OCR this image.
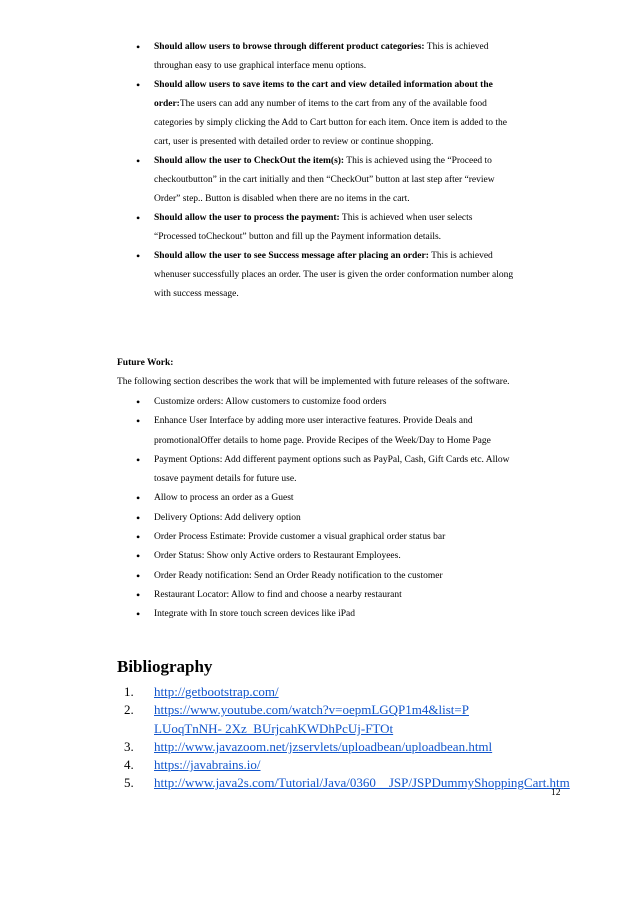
• Should allow users to browse through different product categories: This is achieved throughan easy to use graphical interface menu options.
• Should allow users to save items to the cart and view detailed information about the order:The users can add any number of items to the cart from any of the available food categories by simply clicking the Add to Cart button for each item. Once item is added to the cart, user is presented with detailed order to review or continue shopping.
• Should allow the user to CheckOut the item(s): This is achieved using the “Proceed to checkoutbutton” in the cart initially and then “CheckOut” button at last step after “review Order” step.. Button is disabled when there are no items in the cart.
• Should allow the user to process the payment: This is achieved when user selects “Processed toCheckout” button and fill up the Payment information details.
• Should allow the user to see Success message after placing an order: This is achieved whenuser successfully places an order. The user is given the order conformation number along with success message.
Future Work:
The following section describes the work that will be implemented with future releases of the software.
• Customize orders: Allow customers to customize food orders
• Enhance User Interface by adding more user interactive features. Provide Deals and promotionalOffer details to home page. Provide Recipes of the Week/Day to Home Page
• Payment Options: Add different payment options such as PayPal, Cash, Gift Cards etc. Allow tosave payment details for future use.
• Allow to process an order as a Guest
• Delivery Options: Add delivery option
• Order Process Estimate: Provide customer a visual graphical order status bar
• Order Status: Show only Active orders to Restaurant Employees.
• Order Ready notification: Send an Order Ready notification to the customer
• Restaurant Locator: Allow to find and choose a nearby restaurant
• Integrate with In store touch screen devices like iPad
Bibliography
1. http://getbootstrap.com/
2. https://www.youtube.com/watch?v=oepmLGQP1m4&list=P
LUoqTnNH- 2Xz_BUrjcahKWDhPcUj-FTOt
3. http://www.javazoom.net/jzservlets/uploadbean/uploadbean.html
4. https://javabrains.io/
5. http://www.java2s.com/Tutorial/Java/0360__JSP/JSPDummyShoppingCart.htm
12
